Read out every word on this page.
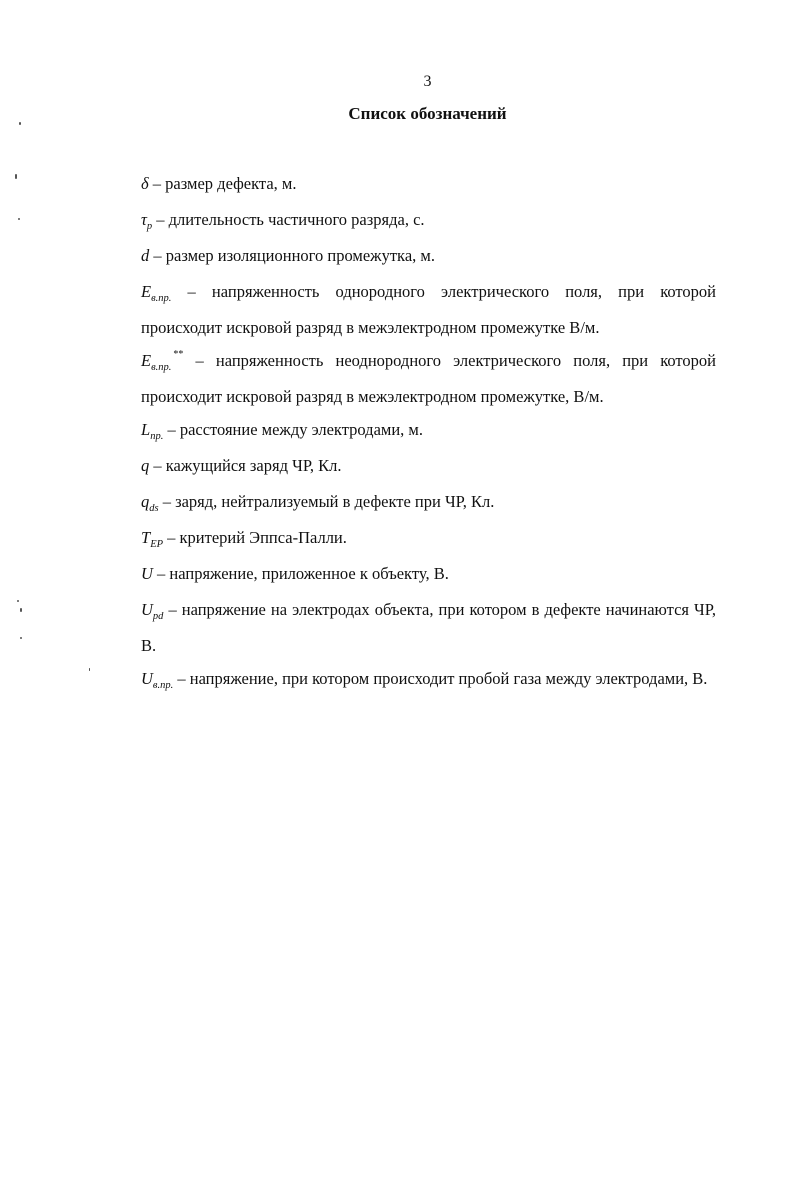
3
Список обозначений

δ – размер дефекта, м.

$\tau_р$ – длительность частичного разряда, с.

d – размер изоляционного промежутка, м.

$E_{в.пр.}$ – напряженность однородного электрического поля, при которой происходит искровой разряд в межэлектродном промежутке В/м.

$E_{в.пр.}^{**}$ – напряженность неоднородного электрического поля, при которой происходит искровой разряд в межэлектродном промежутке, В/м.

$L_{пр.}$ – расстояние между электродами, м.

q – кажущийся заряд ЧР, Кл.

$q_{ds}$ – заряд, нейтрализуемый в дефекте при ЧР, Кл.

$T_{EP}$ – критерий Эппса-Палли.

U – напряжение, приложенное к объекту, В.

$U_{pd}$ – напряжение на электродах объекта, при котором в дефекте начинаются ЧР, В.

$U_{в.пр.}$ – напряжение, при котором происходит пробой газа между электродами, В.
